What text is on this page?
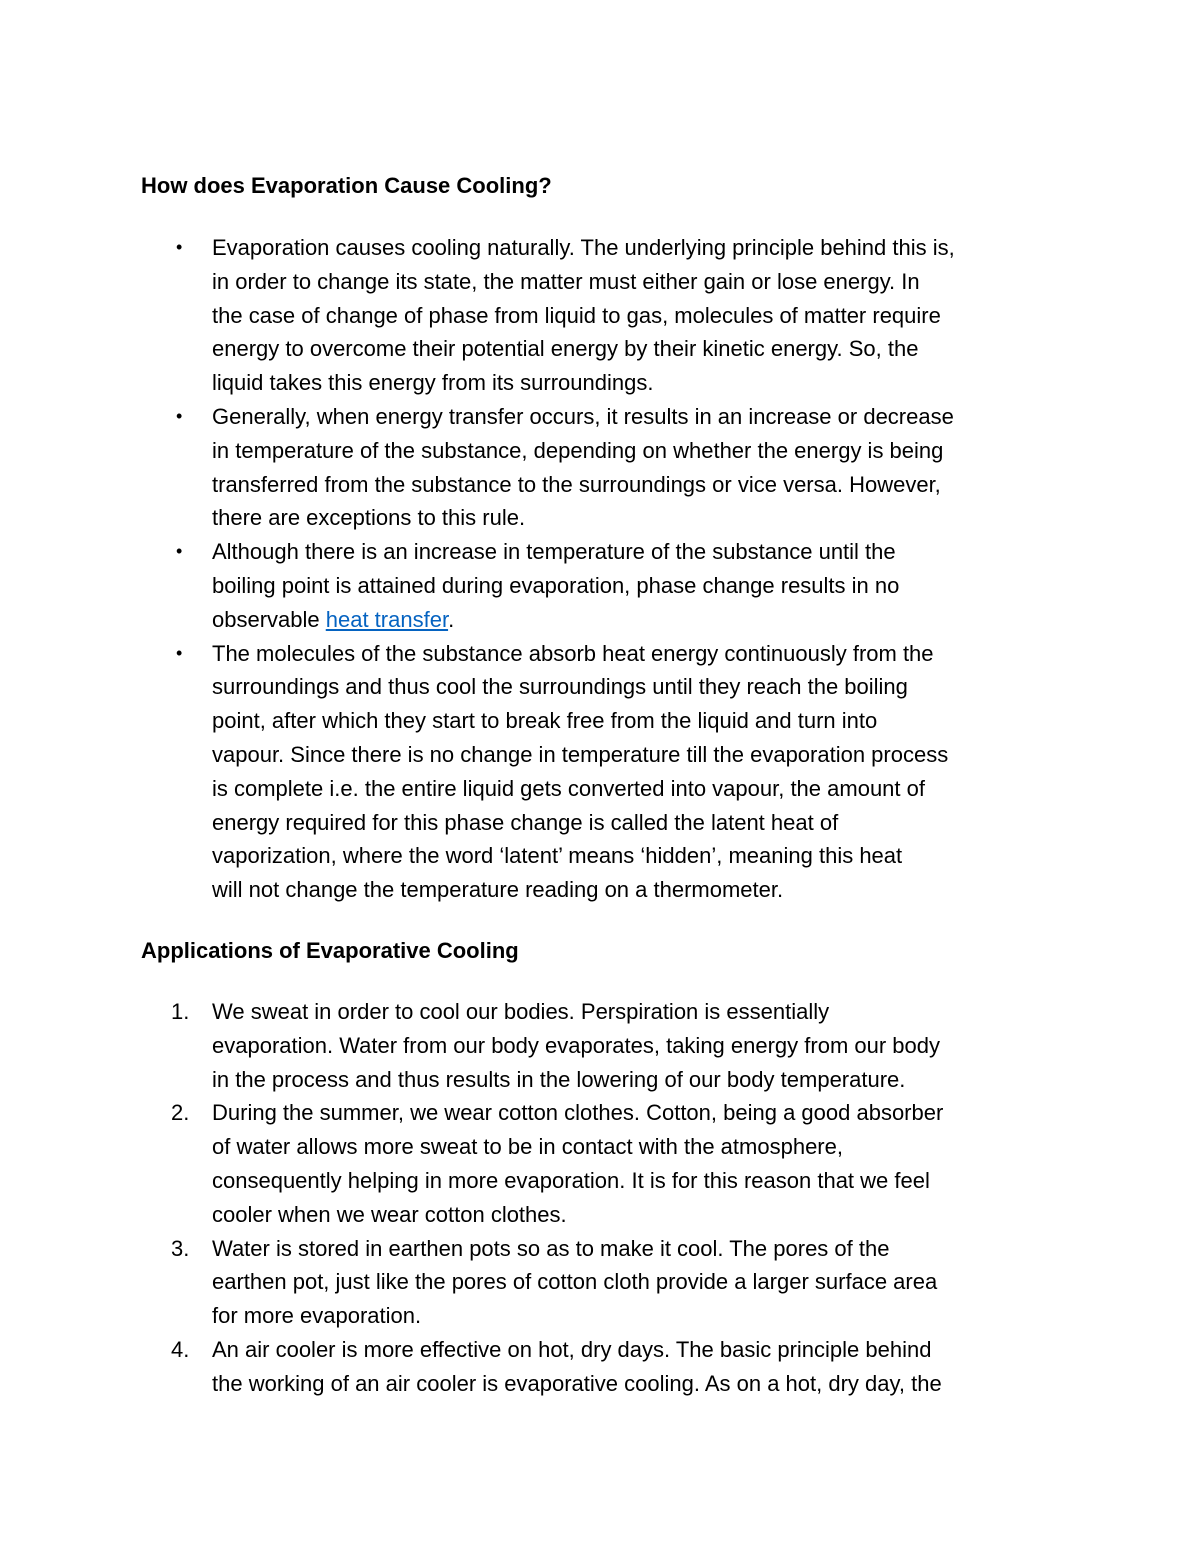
How does Evaporation Cause Cooling?
•	Evaporation causes cooling naturally. The underlying principle behind this is,
in order to change its state, the matter must either gain or lose energy. In
the case of change of phase from liquid to gas, molecules of matter require
energy to overcome their potential energy by their kinetic energy. So, the
liquid takes this energy from its surroundings.
•	Generally, when energy transfer occurs, it results in an increase or decrease
in temperature of the substance, depending on whether the energy is being
transferred from the substance to the surroundings or vice versa. However,
there are exceptions to this rule.
•	Although there is an increase in temperature of the substance until the
boiling point is attained during evaporation, phase change results in no
observable heat transfer.
•	The molecules of the substance absorb heat energy continuously from the
surroundings and thus cool the surroundings until they reach the boiling
point, after which they start to break free from the liquid and turn into
vapour. Since there is no change in temperature till the evaporation process
is complete i.e. the entire liquid gets converted into vapour, the amount of
energy required for this phase change is called the latent heat of
vaporization, where the word ‘latent’ means ‘hidden’, meaning this heat
will not change the temperature reading on a thermometer.
Applications of Evaporative Cooling
1.	We sweat in order to cool our bodies. Perspiration is essentially
evaporation. Water from our body evaporates, taking energy from our body
in the process and thus results in the lowering of our body temperature.
2.	During the summer, we wear cotton clothes. Cotton, being a good absorber
of water allows more sweat to be in contact with the atmosphere,
consequently helping in more evaporation. It is for this reason that we feel
cooler when we wear cotton clothes.
3.	Water is stored in earthen pots so as to make it cool. The pores of the
earthen pot, just like the pores of cotton cloth provide a larger surface area
for more evaporation.
4.	An air cooler is more effective on hot, dry days. The basic principle behind
the working of an air cooler is evaporative cooling. As on a hot, dry day, the
